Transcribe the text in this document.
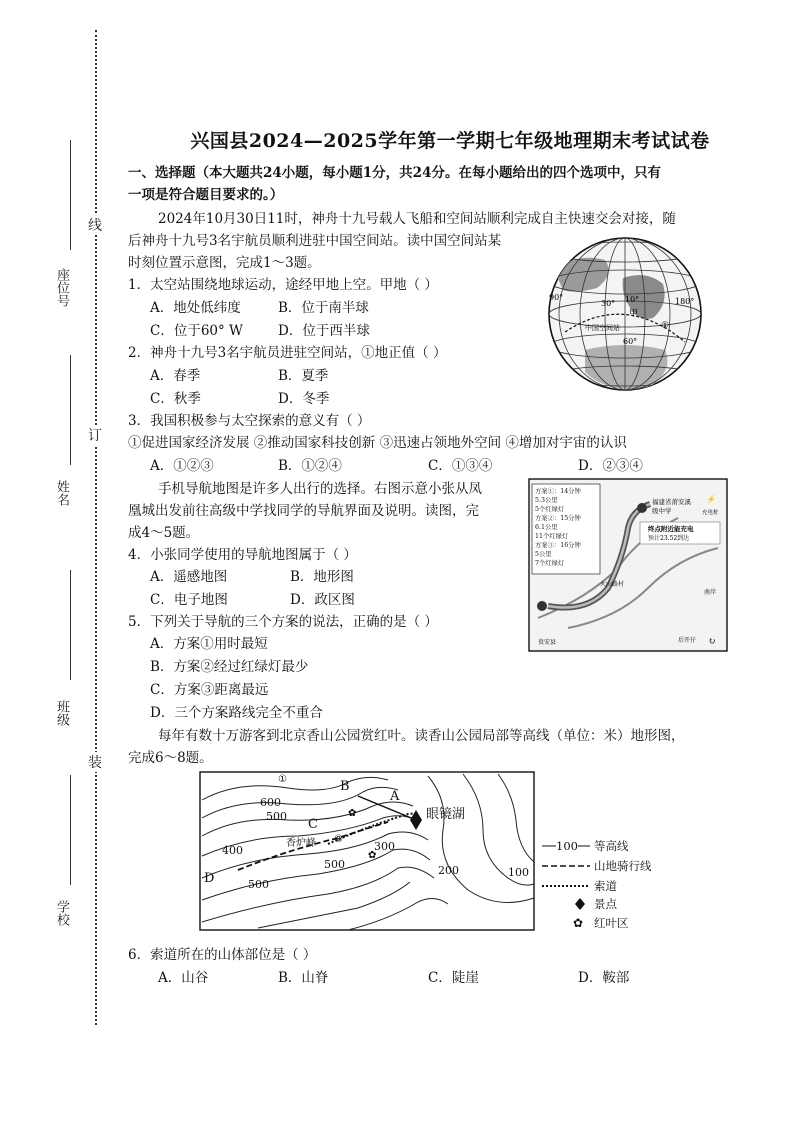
座位号
姓名
班级
学校
线
订
装
兴国县2024—2025学年第一学期七年级地理期末考试试卷
一、选择题（本大题共24小题，每小题1分，共24分。在每小题给出的四个选项中，只有
一项是符合题目要求的。）
2024年10月30日11时，神舟十九号载人飞船和空间站顺利完成自主快速交会对接，随
后神舟十九号3名宇航员顺利进驻中国空间站。读中国空间站某
时刻位置示意图，完成1～3题。
1．太空站围绕地球运动，途经甲地上空。甲地（ ）
A．地处低纬度	B．位于南半球
C．位于60° W	D．位于西半球
2．神舟十九号3名宇航员进驻空间站，①地正值（ ）
A．春季	B．夏季
C．秋季	D．冬季
30°
90°	10°	180°
甲
①
中国空间站
60°
3．我国积极参与太空探索的意义有（ ）
①促进国家经济发展 ②推动国家科技创新 ③迅速占领地外空间 ④增加对宇宙的认识
A．①②③	B．①②④	C．①③④	D．②③④
手机导航地图是许多人出行的选择。右图示意小张从凤
凰城出发前往高级中学找同学的导航界面及说明。读图，完
成4～5题。
方案①：14分钟
5.3公里
5个红绿灯
方案②：15分钟
6.1公里
11个红绿灯
方案③：16分钟
5公里
7个红绿灯
福建省莆安溪
级中学
⚡
充电桩
终点附近能充电
预计23.52到达
火山路村
南岸
后开仔
贵安县	↻
4．小张同学使用的导航地图属于（ ）
A．遥感地图	B．地形图
C．电子地图	D．政区图
5．下列关于导航的三个方案的说法，正确的是（ ）
A．方案①用时最短
B．方案②经过红绿灯最少
C．方案③距离最远
D．三个方案路线完全不重合
每年有数十万游客到北京香山公园赏红叶。读香山公园局部等高线（单位：米）地形图，
完成6～8题。
A
B
C
D
眼镜湖
600
500
400
500
500
300
200	100
香炉峰
①
②
✿
✿
100 等高线
山地骑行线
索道
景点
✿ 红叶区
6．索道所在的山体部位是（ ）
A．山谷	B．山脊	C．陡崖	D．鞍部
